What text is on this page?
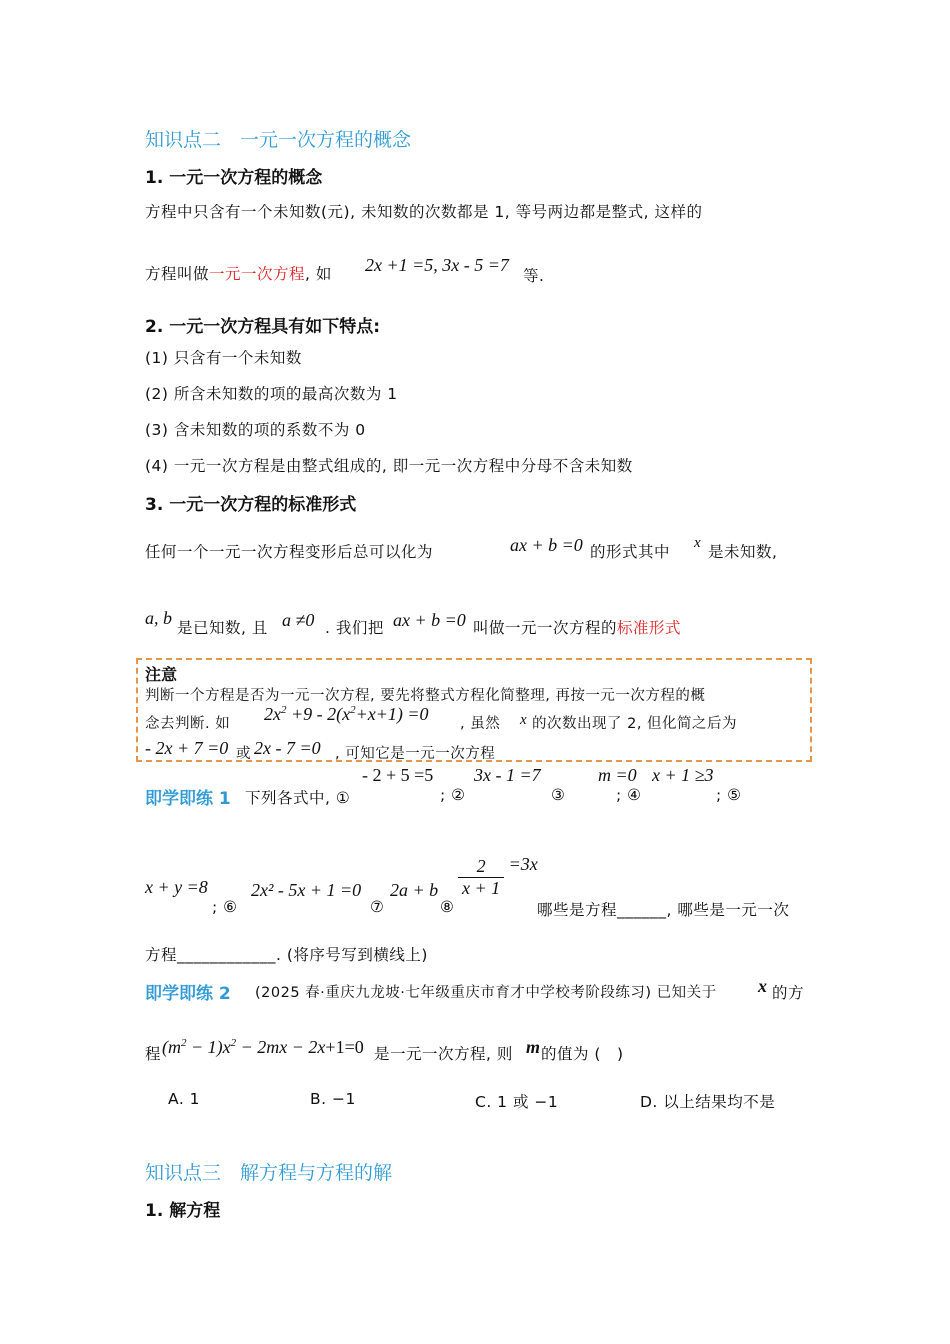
知识点二　一元一次方程的概念
1. 一元一次方程的概念
方程中只含有一个未知数(元), 未知数的次数都是 1, 等号两边都是整式, 这样的
方程叫做一元一次方程, 如 2x +1 =5, 3x - 5 =7
等.
2. 一元一次方程具有如下特点:
(1) 只含有一个未知数
(2) 所含未知数的项的最高次数为 1
(3) 含未知数的项的系数不为 0
(4) 一元一次方程是由整式组成的, 即一元一次方程中分母不含未知数
3. 一元一次方程的标准形式
任何一个一元一次方程变形后总可以化为	ax + b =0 的形式其中 x 是未知数,
a, b 是已知数, 且 a ≠0 . 我们把 ax + b =0 叫做一元一次方程的标准形式
注意
判断一个方程是否为一元一次方程, 要先将整式方程化简整理, 再按一元一次方程的概
念去判断. 如 $2x^2 +9 - 2(x^2+x+1) =0$ , 虽然 x 的次数出现了 2, 但化简之后为
- 2x + 7 =0 或 2x - 7 =0 , 可知它是一元一次方程
即学即练 1 下列各式中, ①
- 2 + 5 =5
; ②
3x - 1 =7
③
m =0
; ④
x + 1 ≥3
; ⑤
x + y =8
; ⑥
2x² - 5x + 1 =0
⑦
2a + b
⑧
$\frac{2}{x + 1} =3x$
哪些是方程______, 哪些是一元一次
方程____________. (将序号写到横线上)
即学即练 2 (2025 春·重庆九龙坡·七年级重庆市育才中学校考阶段练习) 已知关于 x 的方
程 $(m^2 - 1)x^2 - 2mx - 2x+1=0$ 是一元一次方程, 则 m 的值为 (　)
A. 1	B. −1	C. 1 或 −1	D. 以上结果均不是
知识点三　解方程与方程的解
1. 解方程
